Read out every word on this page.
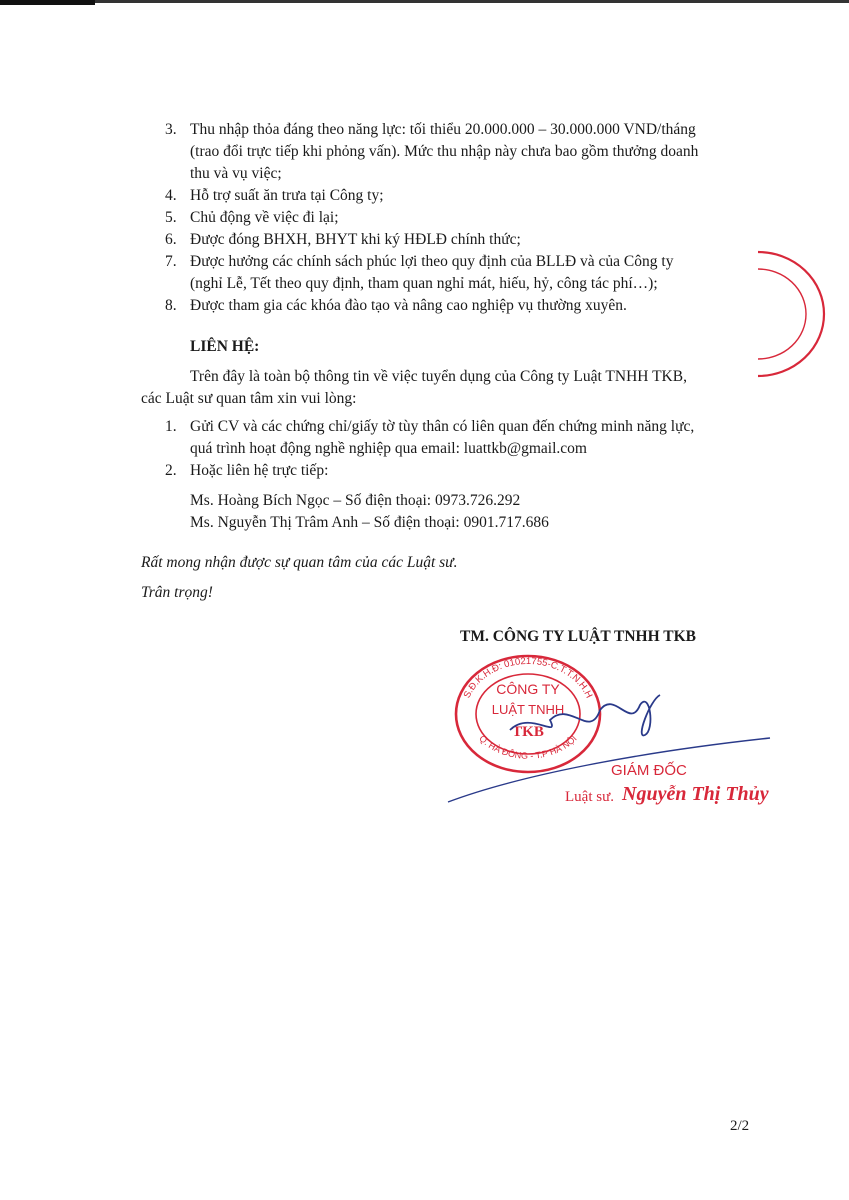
3. Thu nhập thỏa đáng theo năng lực: tối thiểu 20.000.000 – 30.000.000 VND/tháng
(trao đổi trực tiếp khi phỏng vấn). Mức thu nhập này chưa bao gồm thưởng doanh
thu và vụ việc;
4. Hỗ trợ suất ăn trưa tại Công ty;
5. Chủ động về việc đi lại;
6. Được đóng BHXH, BHYT khi ký HĐLĐ chính thức;
7. Được hưởng các chính sách phúc lợi theo quy định của BLLĐ và của Công ty
(nghỉ Lễ, Tết theo quy định, tham quan nghỉ mát, hiếu, hỷ, công tác phí…);
8. Được tham gia các khóa đào tạo và nâng cao nghiệp vụ thường xuyên.
LIÊN HỆ:
Trên đây là toàn bộ thông tin về việc tuyển dụng của Công ty Luật TNHH TKB,
các Luật sư quan tâm xin vui lòng:
1. Gửi CV và các chứng chỉ/giấy tờ tùy thân có liên quan đến chứng minh năng lực,
quá trình hoạt động nghề nghiệp qua email: luattkb@gmail.com
2. Hoặc liên hệ trực tiếp:
Ms. Hoàng Bích Ngọc – Số điện thoại: 0973.726.292
Ms. Nguyễn Thị Trâm Anh – Số điện thoại: 0901.717.686
Rất mong nhận được sự quan tâm của các Luật sư.
Trân trọng!
TM. CÔNG TY LUẬT TNHH TKB
CÔNG TY
LUẬT TNHH
TKB
S.Đ.K.H.Đ: 01021755-C.T.T.N.H.H
Q. HÀ ĐÔNG - T.P HÀ NỘI
GIÁM ĐỐC
Luật sư. Nguyễn Thị Thủy
2/2
